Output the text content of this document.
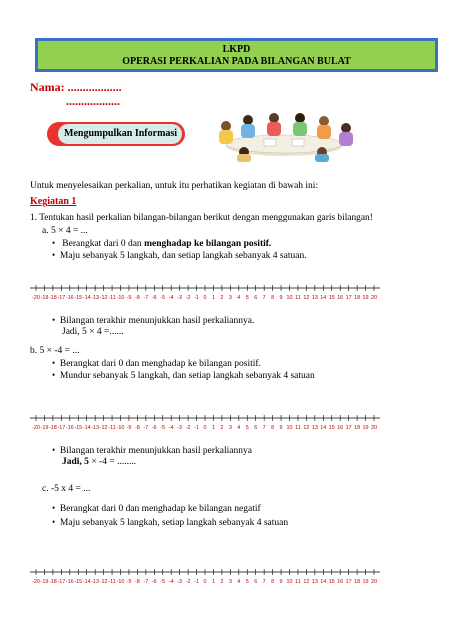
LKPD
OPERASI PERKALIAN PADA BILANGAN BULAT
Nama: ..................
..................
Mengumpulkan Informasi
Untuk menyelesaikan perkalian, untuk itu perhatikan kegiatan di bawah ini:
Kegiatan 1
1. Tentukan hasil perkalian bilangan-bilangan berikut dengan menggunakan garis bilangan!
a. 5 × 4 = ...
• Berangkat dari 0 dan menghadap ke bilangan positif.
• Maju sebanyak 5 langkah, dan setiap langkah sebanyak 4 satuan.
-20 -19 -18 -17 -16 -15 -14 -13 -12 -11 -10 -9 -8 -7 -6 -5 -4 -3 -2 -1 0 1 2 3 4 5 6 7 8 9 10 11 12 13 14 15 16 17 18 19 20
• Bilangan terakhir menunjukkan hasil perkaliannya.
Jadi, 5 × 4 =......
b. 5 × -4 = ...
• Berangkat dari 0 dan menghadap ke bilangan positif.
• Mundur sebanyak 5 langkah, dan setiap langkah sebanyak 4 satuan
-20 -19 -18 -17 -16 -15 -14 -13 -12 -11 -10 -9 -8 -7 -6 -5 -4 -3 -2 -1 0 1 2 3 4 5 6 7 8 9 10 11 12 13 14 15 16 17 18 19 20
• Bilangan terakhir menunjukkan hasil perkaliannya
Jadi, 5 × -4 = ........
c. -5 x 4 = ...
• Berangkat dari 0 dan menghadap ke bilangan negatif
• Maju sebanyak 5 langkah, setiap langkah sebanyak 4 satuan
-20 -19 -18 -17 -16 -15 -14 -13 -12 -11 -10 -9 -8 -7 -6 -5 -4 -3 -2 -1 0 1 2 3 4 5 6 7 8 9 10 11 12 13 14 15 16 17 18 19 20
